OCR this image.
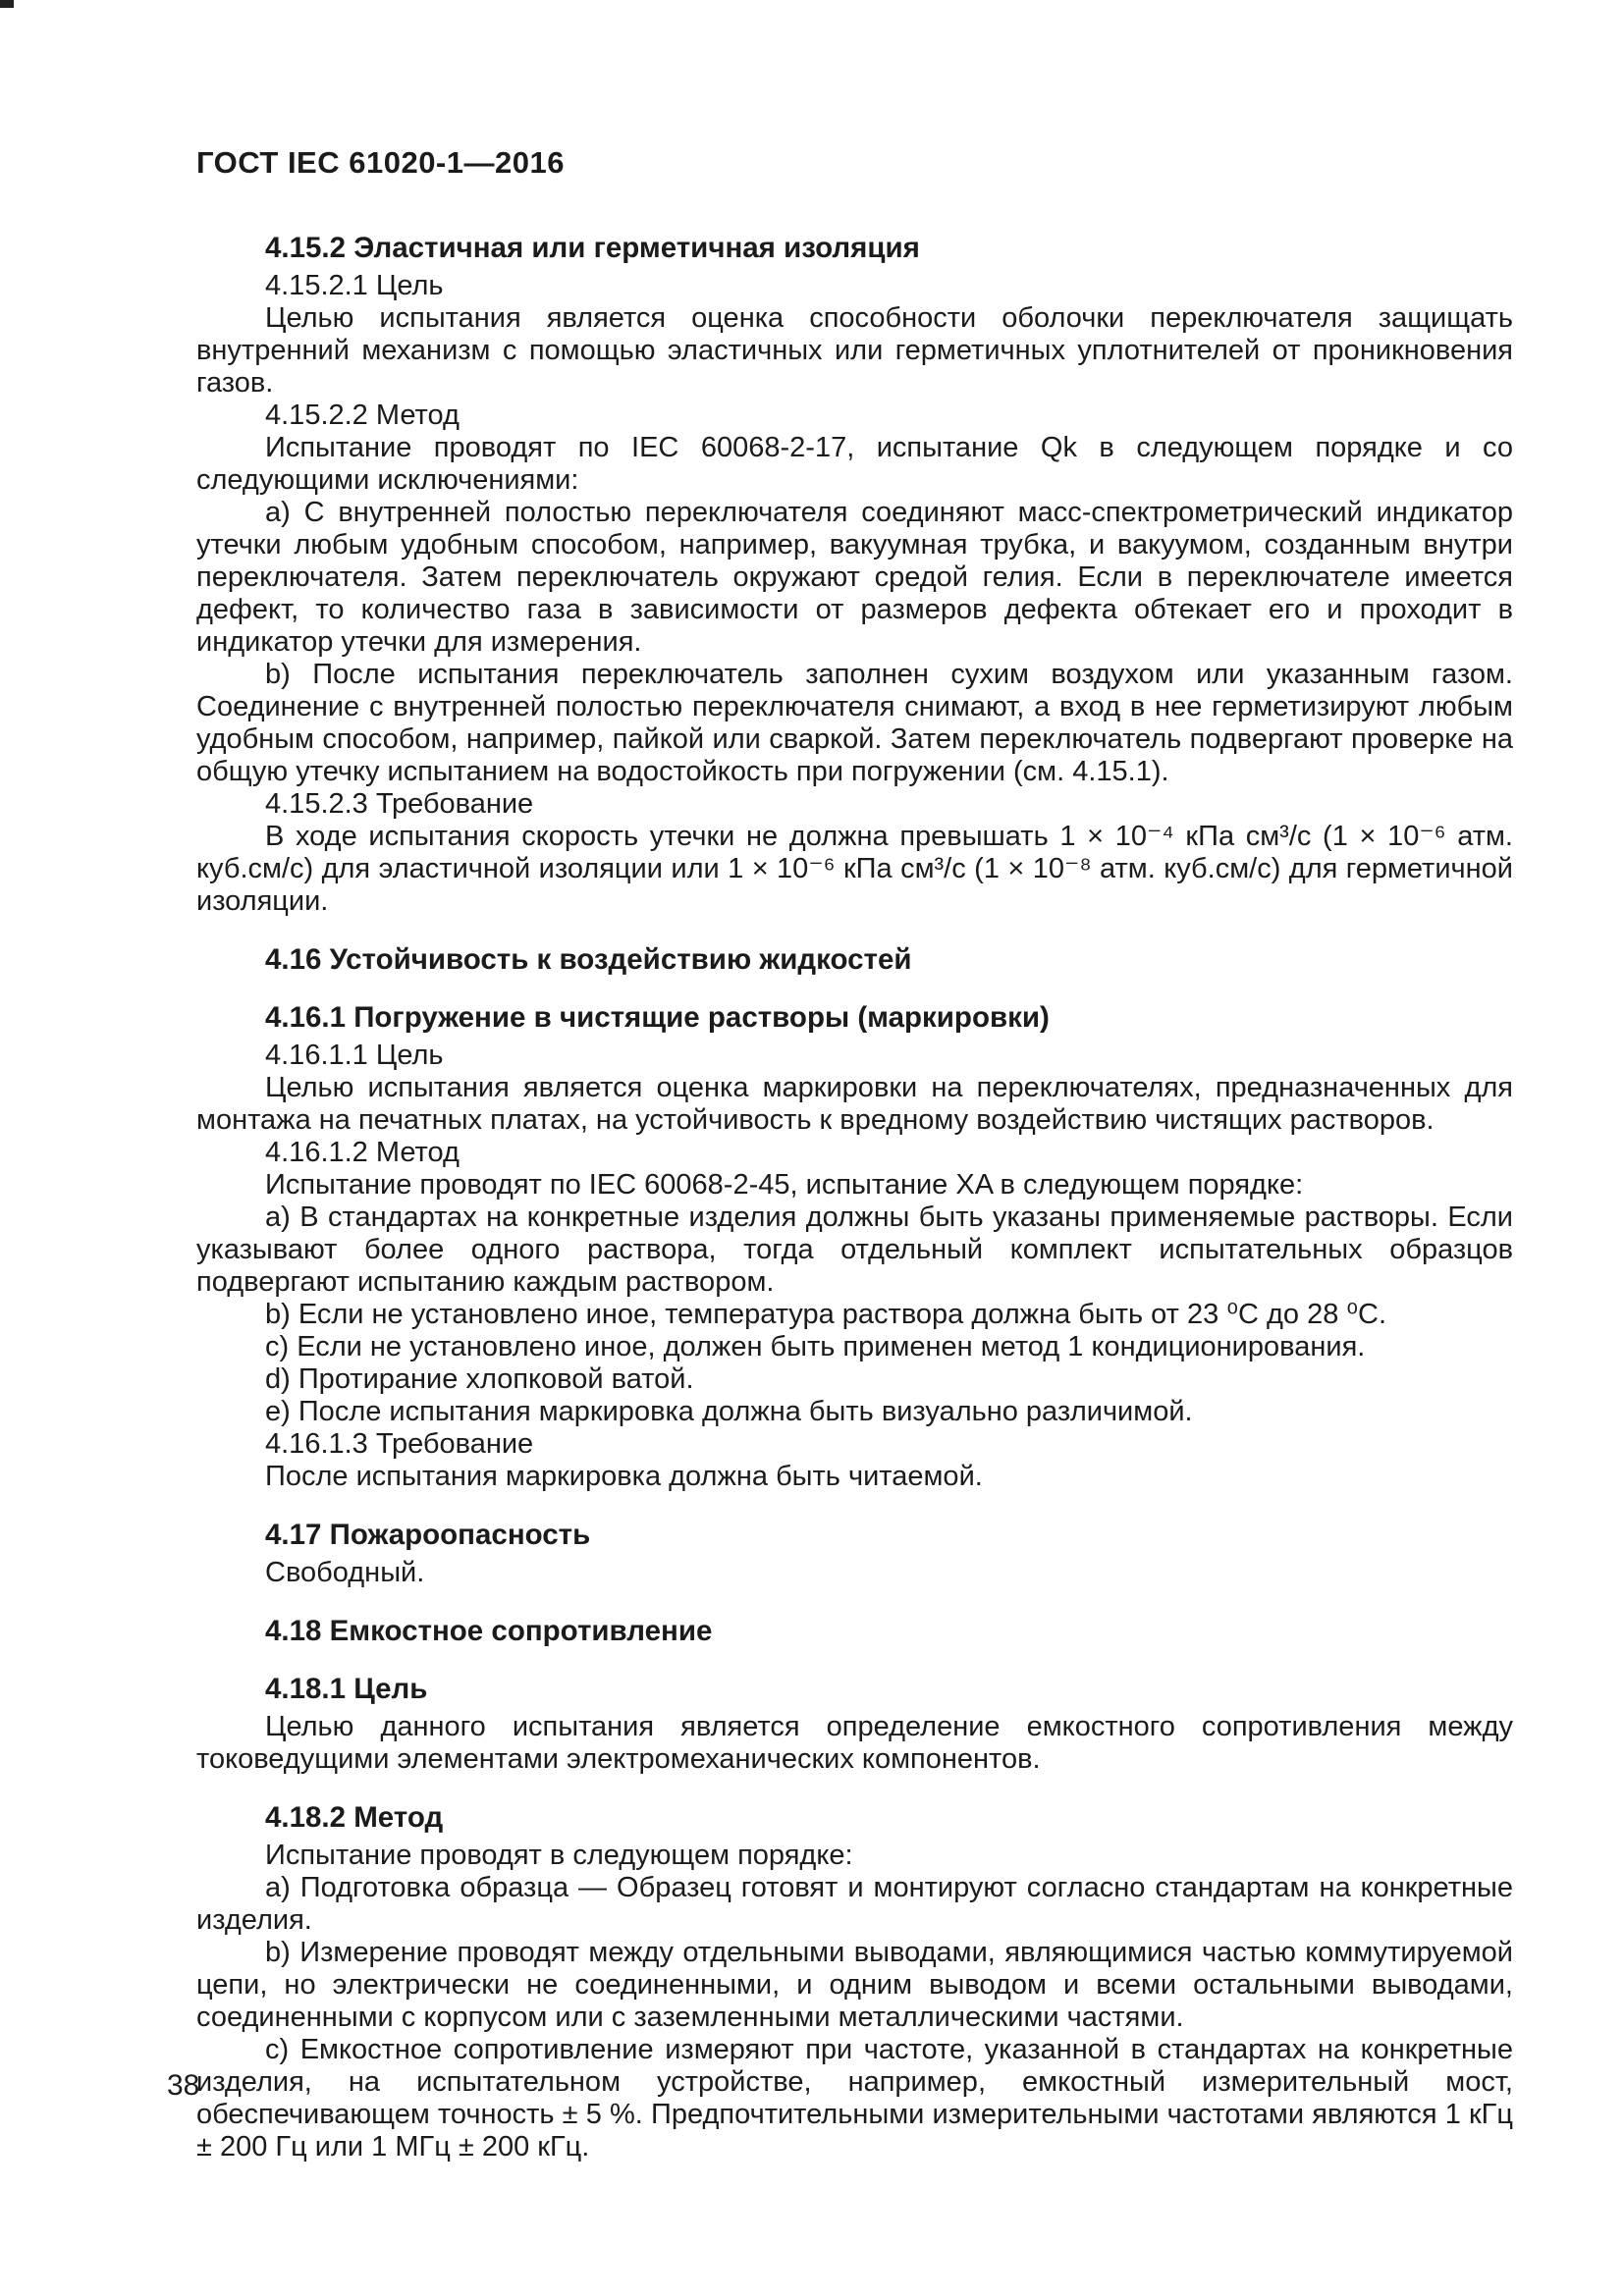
ГОСТ IEC 61020-1—2016
4.15.2 Эластичная или герметичная изоляция

4.15.2.1 Цель

Целью испытания является оценка способности оболочки переключателя защищать внутренний механизм с помощью эластичных или герметичных уплотнителей от проникновения газов.

4.15.2.2 Метод

Испытание проводят по IEC 60068-2-17, испытание Qk в следующем порядке и со следующими исключениями:

a) С внутренней полостью переключателя соединяют масс-спектрометрический индикатор утечки любым удобным способом, например, вакуумная трубка, и вакуумом, созданным внутри переключателя. Затем переключатель окружают средой гелия. Если в переключателе имеется дефект, то количество газа в зависимости от размеров дефекта обтекает его и проходит в индикатор утечки для измерения.

b) После испытания переключатель заполнен сухим воздухом или указанным газом. Соединение с внутренней полостью переключателя снимают, а вход в нее герметизируют любым удобным способом, например, пайкой или сваркой. Затем переключатель подвергают проверке на общую утечку испытанием на водостойкость при погружении (см. 4.15.1).

4.15.2.3 Требование

В ходе испытания скорость утечки не должна превышать 1 × 10⁻⁴ кПа см³/с (1 × 10⁻⁶ атм. куб.см/с) для эластичной изоляции или 1 × 10⁻⁶ кПа см³/с (1 × 10⁻⁸ атм. куб.см/с) для герметичной изоляции.

4.16 Устойчивость к воздействию жидкостей
4.16.1 Погружение в чистящие растворы (маркировки)

4.16.1.1 Цель

Целью испытания является оценка маркировки на переключателях, предназначенных для монтажа на печатных платах, на устойчивость к вредному воздействию чистящих растворов.

4.16.1.2 Метод

Испытание проводят по IEC 60068-2-45, испытание XA в следующем порядке:

a) В стандартах на конкретные изделия должны быть указаны применяемые растворы. Если указывают более одного раствора, тогда отдельный комплект испытательных образцов подвергают испытанию каждым раствором.

b) Если не установлено иное, температура раствора должна быть от 23 ⁰С до 28 ⁰С.

c) Если не установлено иное, должен быть применен метод 1 кондиционирования.

d) Протирание хлопковой ватой.

e) После испытания маркировка должна быть визуально различимой.

4.16.1.3 Требование

После испытания маркировка должна быть читаемой.

4.17 Пожароопасность

Свободный.

4.18 Емкостное сопротивление
4.18.1 Цель

Целью данного испытания является определение емкостного сопротивления между токоведущими элементами электромеханических компонентов.

4.18.2 Метод

Испытание проводят в следующем порядке:

a) Подготовка образца — Образец готовят и монтируют согласно стандартам на конкретные изделия.

b) Измерение проводят между отдельными выводами, являющимися частью коммутируемой цепи, но электрически не соединенными, и одним выводом и всеми остальными выводами, соединенными с корпусом или с заземленными металлическими частями.

c) Емкостное сопротивление измеряют при частоте, указанной в стандартах на конкретные изделия, на испытательном устройстве, например, емкостный измерительный мост, обеспечивающем точность ± 5 %. Предпочтительными измерительными частотами являются 1 кГц ± 200 Гц или 1 МГц ± 200 кГц.

38
